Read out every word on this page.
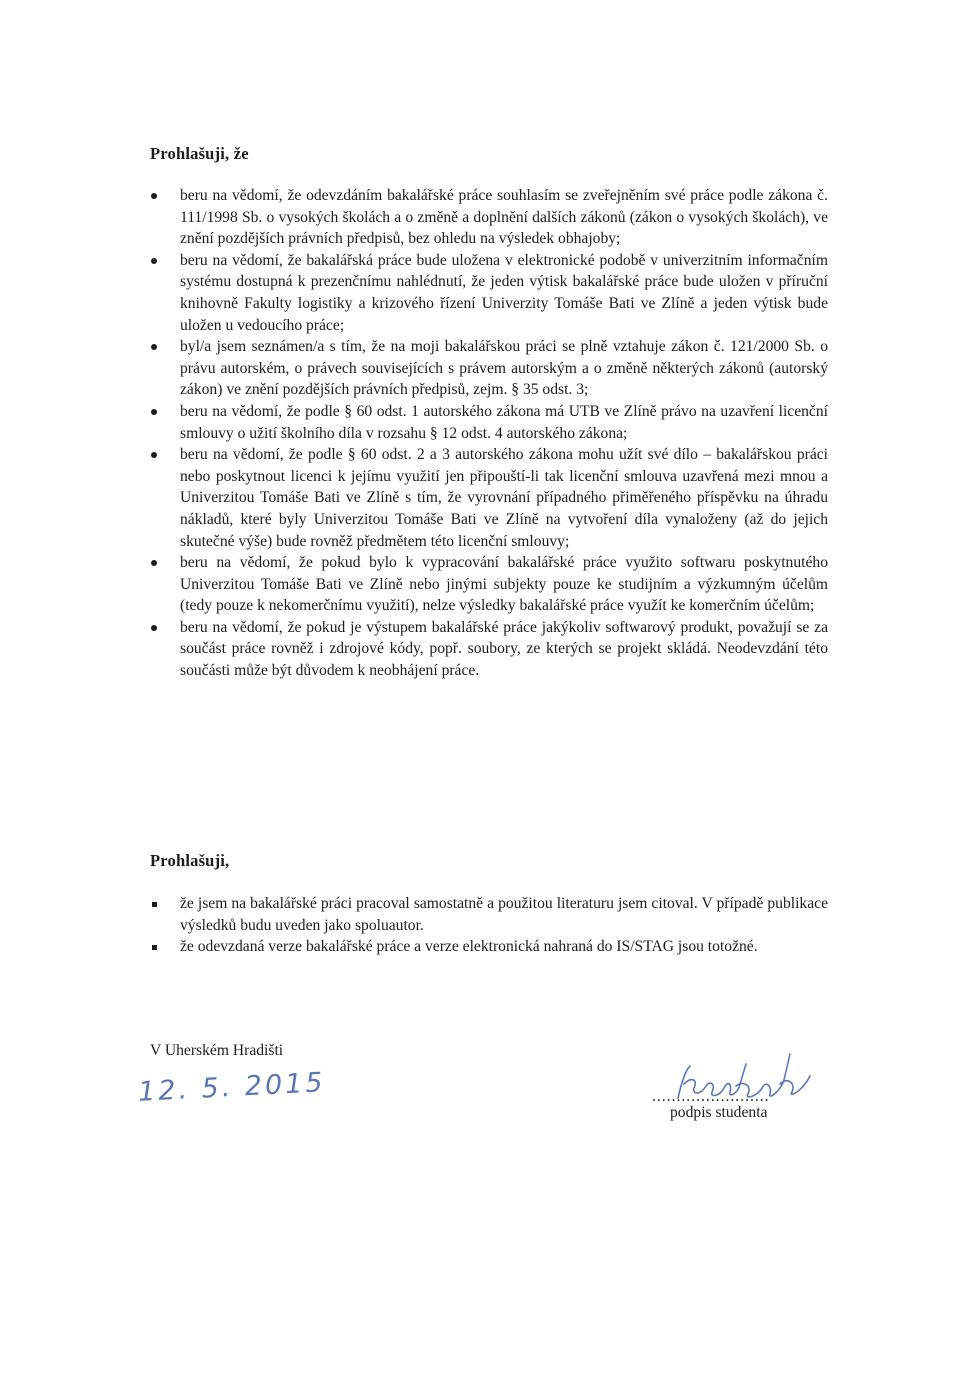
Prohlašuji, že
beru na vědomí, že odevzdáním bakalářské práce souhlasím se zveřejněním své práce podle zákona č. 111/1998 Sb. o vysokých školách a o změně a doplnění dalších zákonů (zákon o vysokých školách), ve znění pozdějších právních předpisů, bez ohledu na výsledek obhajoby;
beru na vědomí, že bakalářská práce bude uložena v elektronické podobě v univerzitním informačním systému dostupná k prezenčnímu nahlédnutí, že jeden výtisk bakalářské práce bude uložen v příruční knihovně Fakulty logistiky a krizového řízení Univerzity Tomáše Bati ve Zlíně a jeden výtisk bude uložen u vedoucího práce;
byl/a jsem seznámen/a s tím, že na moji bakalářskou práci se plně vztahuje zákon č. 121/2000 Sb. o právu autorském, o právech souvisejících s právem autorským a o změně některých zákonů (autorský zákon) ve znění pozdějších právních předpisů, zejm. § 35 odst. 3;
beru na vědomí, že podle § 60 odst. 1 autorského zákona má UTB ve Zlíně právo na uzavření licenční smlouvy o užití školního díla v rozsahu § 12 odst. 4 autorského zákona;
beru na vědomí, že podle § 60 odst. 2 a 3 autorského zákona mohu užít své dílo – bakalářskou práci nebo poskytnout licenci k jejímu využití jen připouští-li tak licenční smlouva uzavřená mezi mnou a Univerzitou Tomáše Bati ve Zlíně s tím, že vyrovnání případného přiměřeného příspěvku na úhradu nákladů, které byly Univerzitou Tomáše Bati ve Zlíně na vytvoření díla vynaloženy (až do jejich skutečné výše) bude rovněž předmětem této licenční smlouvy;
beru na vědomí, že pokud bylo k vypracování bakalářské práce využito softwaru poskytnutého Univerzitou Tomáše Bati ve Zlíně nebo jinými subjekty pouze ke studijním a výzkumným účelům (tedy pouze k nekomerčnímu využití), nelze výsledky bakalářské práce využít ke komerčním účelům;
beru na vědomí, že pokud je výstupem bakalářské práce jakýkoliv softwarový produkt, považují se za součást práce rovněž i zdrojové kódy, popř. soubory, ze kterých se projekt skládá. Neodevzdání této součásti může být důvodem k neobhájení práce.
Prohlašuji,
že jsem na bakalářské práci pracoval samostatně a použitou literaturu jsem citoval. V případě publikace výsledků budu uveden jako spoluautor.
že odevzdaná verze bakalářské práce a verze elektronická nahraná do IS/STAG jsou totožné.
V Uherském Hradišti
12. 5. 2015	........................
podpis studenta
